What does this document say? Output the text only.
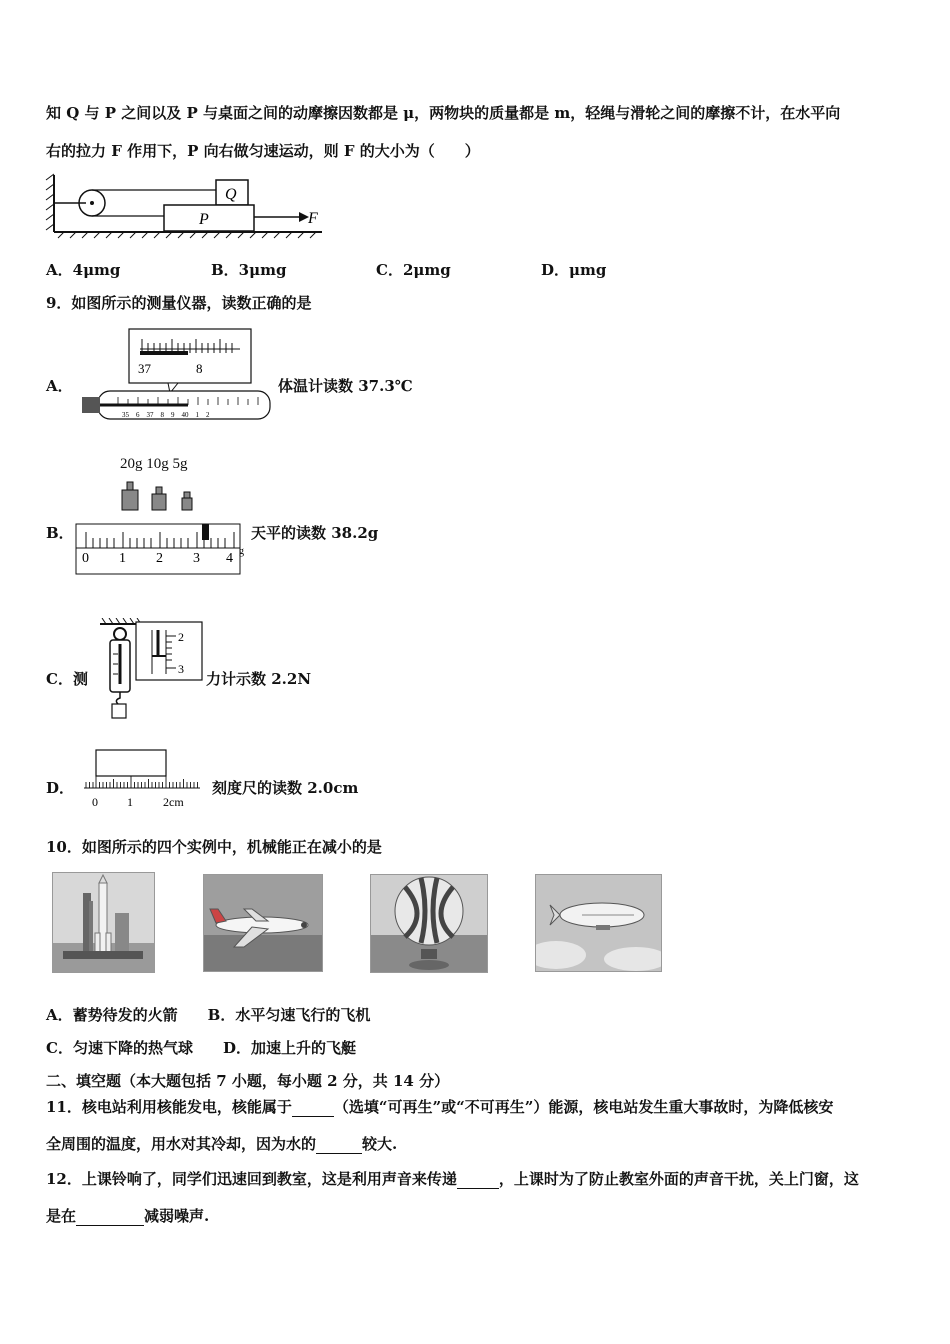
知 Q 与 P 之间以及 P 与桌面之间的动摩擦因数都是 μ，两物块的质量都是 m，轻绳与滑轮之间的摩擦不计，在水平向
右的拉力 F 作用下，P 向右做匀速运动，则 F 的大小为（　　）
Q
P	F
A．4μmg	B．3μmg	C．2μmg	D．μmg
9．如图所示的测量仪器，读数正确的是
A．
37	8
35　6　37　8　9　40　1　2
体温计读数 37.3℃
B．
20g 10g 5g
0 1 2 3 4 g
天平的读数 38.2g
C．测
2
3
力计示数 2.2N
D．
0 1	2cm
刻度尺的读数 2.0cm
10．如图所示的四个实例中，机械能正在减小的是
A．蓄势待发的火箭　　B．水平匀速飞行的飞机
C．匀速下降的热气球　　D．加速上升的飞艇
二、填空题（本大题包括 7 小题，每小题 2 分，共 14 分）
11．核电站利用核能发电，核能属于	（选填“可再生”或“不可再生”）能源，核电站发生重大事故时，为降低核安
全周围的温度，用水对其冷却，因为水的	较大.
12．上课铃响了，同学们迅速回到教室，这是利用声音来传递	，上课时为了防止教室外面的声音干扰，关上门窗，这
是在	减弱噪声.
